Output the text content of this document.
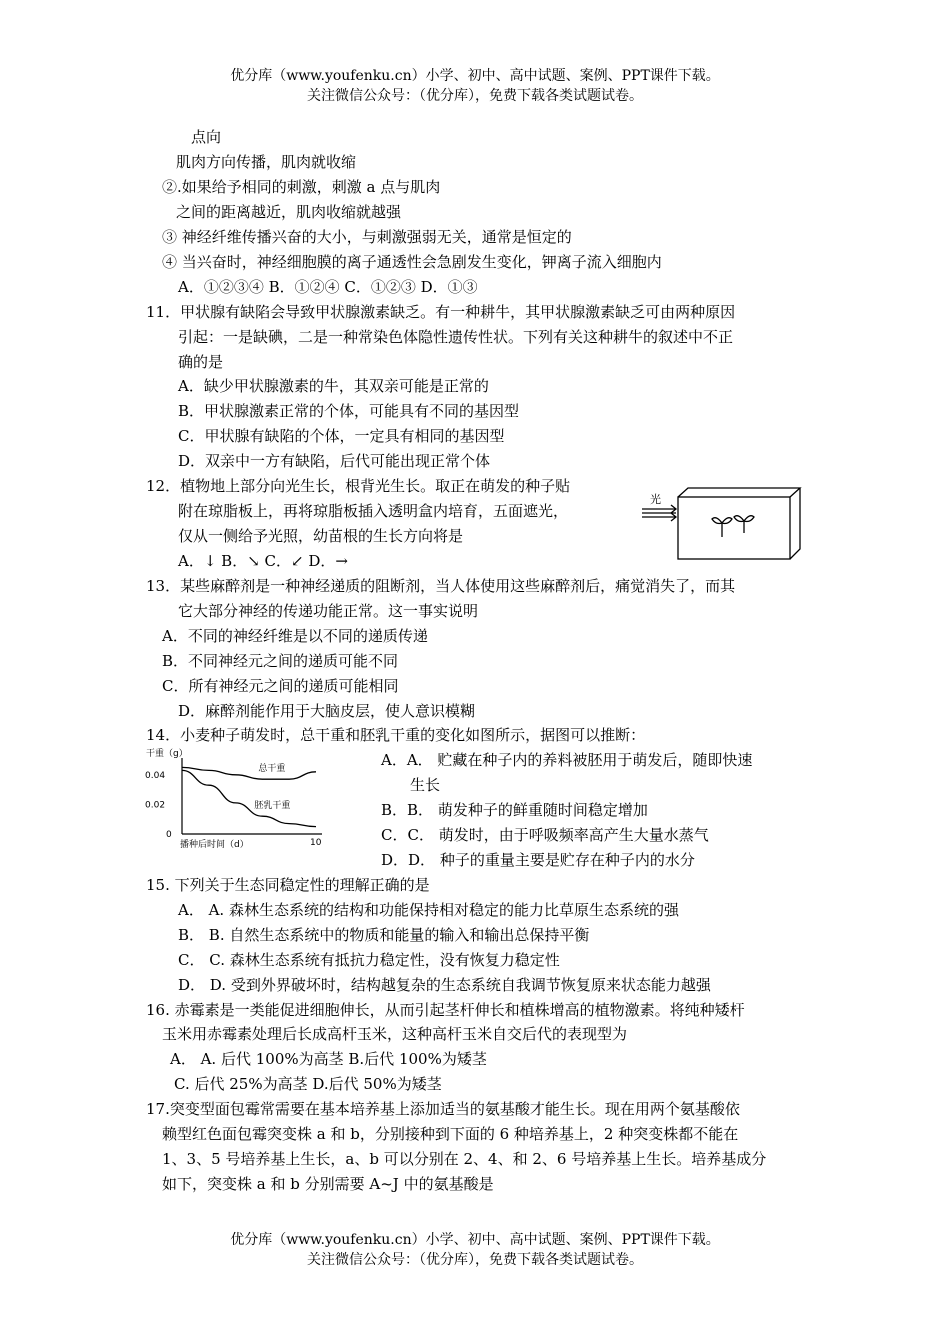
优分库（www.youfenku.cn）小学、初中、高中试题、案例、PPT课件下载。
关注微信公众号：（优分库），免费下载各类试题试卷。
点向
肌肉方向传播，肌肉就收缩
②.如果给予相同的刺激，刺激 a 点与肌肉
之间的距离越近，肌肉收缩就越强
③ 神经纤维传播兴奋的大小，与刺激强弱无关，通常是恒定的
④ 当兴奋时，神经细胞膜的离子通透性会急剧发生变化，钾离子流入细胞内
A．①②③④ B．①②④ C．①②③ D．①③
11．甲状腺有缺陷会导致甲状腺激素缺乏。有一种耕牛，其甲状腺激素缺乏可由两种原因
引起：一是缺碘，二是一种常染色体隐性遗传性状。下列有关这种耕牛的叙述中不正
确的是
A．缺少甲状腺激素的牛，其双亲可能是正常的
B．甲状腺激素正常的个体，可能具有不同的基因型
C．甲状腺有缺陷的个体，一定具有相同的基因型
D．双亲中一方有缺陷，后代可能出现正常个体
12．植物地上部分向光生长，根背光生长。取正在萌发的种子贴
附在琼脂板上，再将琼脂板插入透明盒内培育，五面遮光，
仅从一侧给予光照，幼苗根的生长方向将是
A．↓ B．↘ C．↙ D．→
光
13．某些麻醉剂是一种神经递质的阻断剂，当人体使用这些麻醉剂后，痛觉消失了，而其
它大部分神经的传递功能正常。这一事实说明
A．不同的神经纤维是以不同的递质传递
B．不同神经元之间的递质可能不同
C．所有神经元之间的递质可能相同
D．麻醉剂能作用于大脑皮层，使人意识模糊
14．小麦种子萌发时，总干重和胚乳干重的变化如图所示，据图可以推断：
A．A． 贮藏在种子内的养料被胚用于萌发后，随即快速
生长
B．B． 萌发种子的鲜重随时间稳定增加
C．C． 萌发时，由于呼吸频率高产生大量水蒸气
D．D． 种子的重量主要是贮存在种子内的水分
干重（g）
播种后时间（d）
0.04
0.02
0
10
总干重
胚乳干重
15. 下列关于生态同稳定性的理解正确的是
A． A. 森林生态系统的结构和功能保持相对稳定的能力比草原生态系统的强
B． B. 自然生态系统中的物质和能量的输入和输出总保持平衡
C． C. 森林生态系统有抵抗力稳定性，没有恢复力稳定性
D． D. 受到外界破坏时，结构越复杂的生态系统自我调节恢复原来状态能力越强
16. 赤霉素是一类能促进细胞伸长，从而引起茎杆伸长和植株增高的植物激素。将纯种矮杆
玉米用赤霉素处理后长成高杆玉米，这种高杆玉米自交后代的表现型为
A． A. 后代 100%为高茎 B.后代 100%为矮茎
C. 后代 25%为高茎 D.后代 50%为矮茎
17.突变型面包霉常需要在基本培养基上添加适当的氨基酸才能生长。现在用两个氨基酸依
赖型红色面包霉突变株 a 和 b，分别接种到下面的 6 种培养基上，2 种突变株都不能在
1、3、5 号培养基上生长，a、b 可以分别在 2、4、和 2、6 号培养基上生长。培养基成分
如下，突变株 a 和 b 分别需要 A~J 中的氨基酸是
优分库（www.youfenku.cn）小学、初中、高中试题、案例、PPT课件下载。
关注微信公众号：（优分库），免费下载各类试题试卷。
